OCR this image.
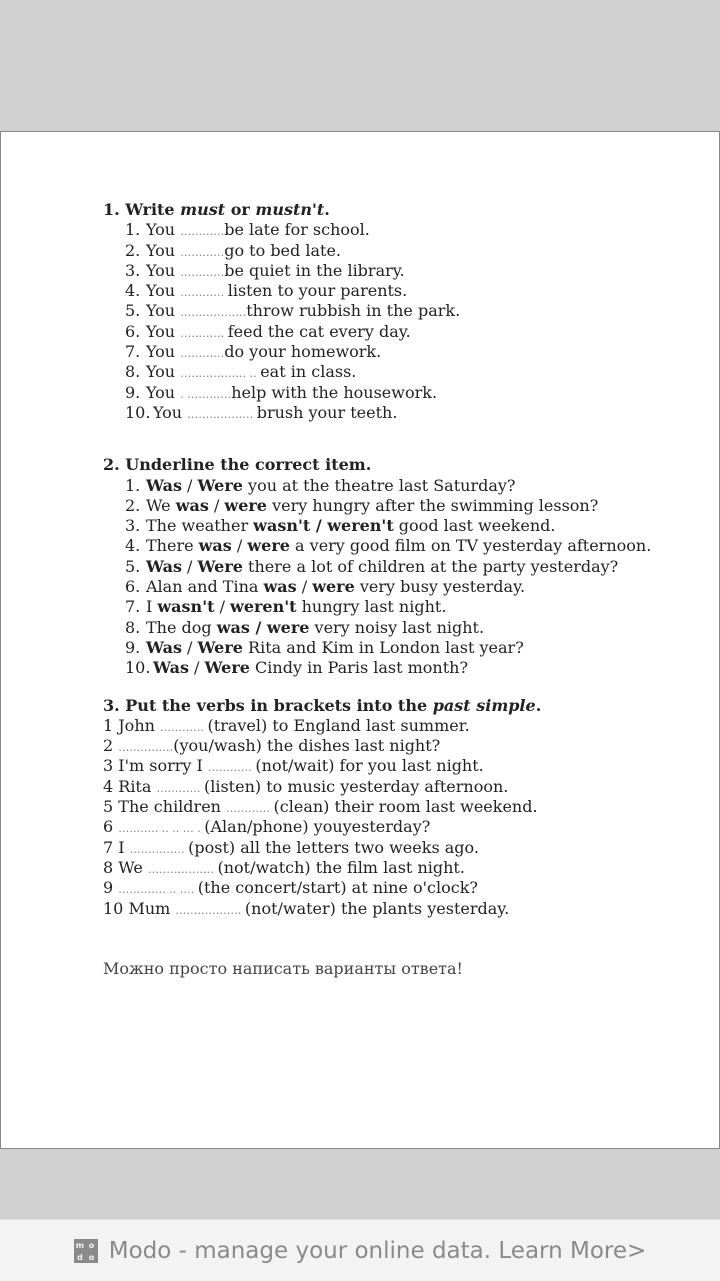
1. Write must or mustn't.
1. You …………be late for school.
2. You …………go to bed late.
3. You …………be quiet in the library.
4. You ………… listen to your parents.
5. You ………………throw rubbish in the park.
6. You ………… feed the cat every day.
7. You …………do your homework.
8. You ……………… .. eat in class.
9. You . …………help with the housework.
10. You ……………… brush your teeth.
2. Underline the correct item.
1. Was / Were you at the theatre last Saturday?
2. We was / were very hungry after the swimming lesson?
3. The weather wasn't / weren't good last weekend.
4. There was / were a very good film on TV yesterday afternoon.
5. Was / Were there a lot of children at the party yesterday?
6. Alan and Tina was / were very busy yesterday.
7. I wasn't / weren't hungry last night.
8. The dog was / were very noisy last night.
9. Was / Were Rita and Kim in London last year?
10. Was / Were Cindy in Paris last month?
3. Put the verbs in brackets into the past simple.
1 John ………… (travel) to England last summer.
2 ……………(you/wash) the dishes last night?
3 I'm sorry I ………… (not/wait) for you last night.
4 Rita ………… (listen) to music yesterday afternoon.
5 The children ………… (clean) their room last weekend.
6 ……….. .. .. … . (Alan/phone) youyesterday?
7 I …………… (post) all the letters two weeks ago.
8 We ……………… (not/watch) the film last night.
9 …………. .. …. (the concert/start) at nine o'clock?
10 Mum ……………… (not/water) the plants yesterday.
Можно просто написать варианты ответа!
m o
d o Modo - manage your online data. Learn More>
